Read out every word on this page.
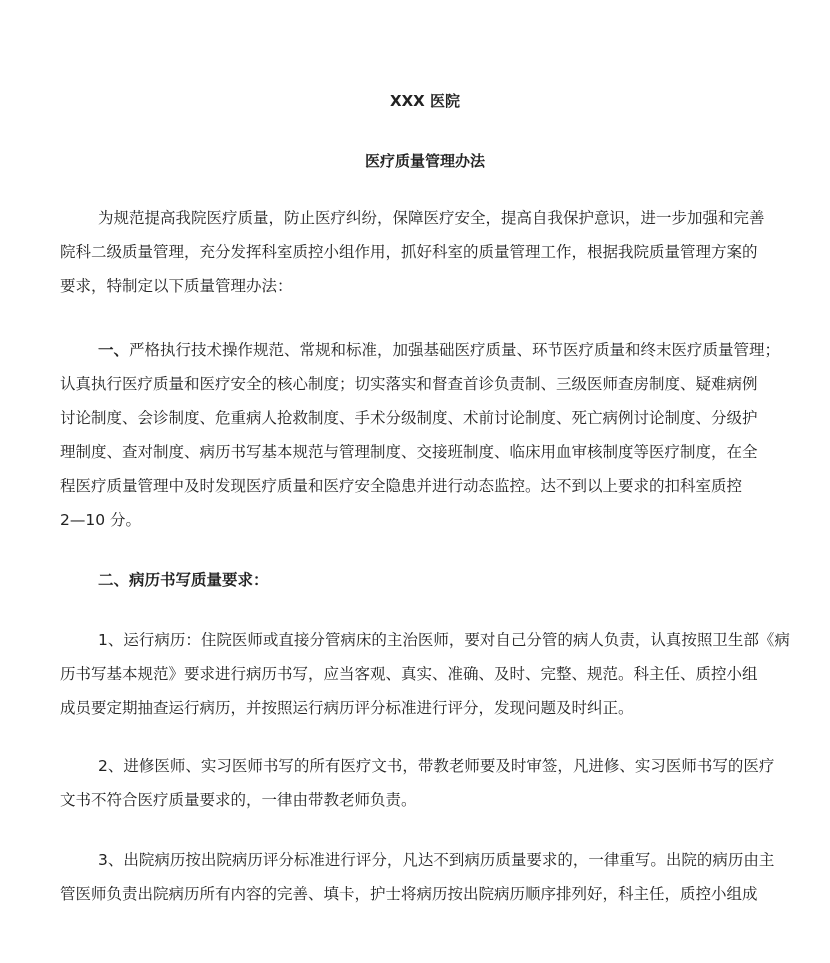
XXX 医院
医疗质量管理办法
为规范提高我院医疗质量，防止医疗纠纷，保障医疗安全，提高自我保护意识，进一步加强和完善
院科二级质量管理，充分发挥科室质控小组作用，抓好科室的质量管理工作，根据我院质量管理方案的
要求，特制定以下质量管理办法：
一、严格执行技术操作规范、常规和标准，加强基础医疗质量、环节医疗质量和终末医疗质量管理；
认真执行医疗质量和医疗安全的核心制度；切实落实和督查首诊负责制、三级医师查房制度、疑难病例
讨论制度、会诊制度、危重病人抢救制度、手术分级制度、术前讨论制度、死亡病例讨论制度、分级护
理制度、查对制度、病历书写基本规范与管理制度、交接班制度、临床用血审核制度等医疗制度，在全
程医疗质量管理中及时发现医疗质量和医疗安全隐患并进行动态监控。达不到以上要求的扣科室质控
2—10 分。
二、病历书写质量要求：
1、运行病历：住院医师或直接分管病床的主治医师，要对自己分管的病人负责，认真按照卫生部《病
历书写基本规范》要求进行病历书写，应当客观、真实、准确、及时、完整、规范。科主任、质控小组
成员要定期抽查运行病历，并按照运行病历评分标准进行评分，发现问题及时纠正。
2、进修医师、实习医师书写的所有医疗文书，带教老师要及时审签，凡进修、实习医师书写的医疗
文书不符合医疗质量要求的，一律由带教老师负责。
3、出院病历按出院病历评分标准进行评分，凡达不到病历质量要求的，一律重写。出院的病历由主
管医师负责出院病历所有内容的完善、填卡，护士将病历按出院病历顺序排列好，科主任，质控小组成
